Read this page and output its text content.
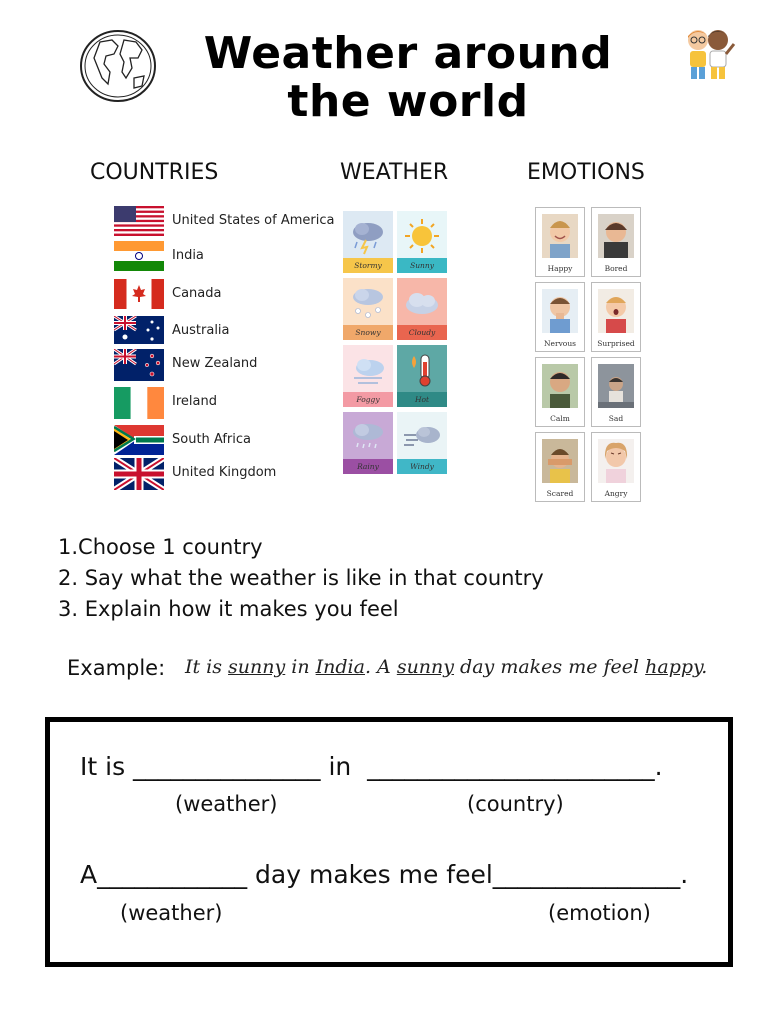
Weather around
the world
COUNTRIES	WEATHER	EMOTIONS
United States of America
India
Canada
Australia
New Zealand
Ireland
South Africa
United Kingdom
Stormy	Sunny
Snowy	Cloudy
Foggy	Hot
Rainy	Windy
Happy	Bored
Nervous	Surprised
Calm	Sad
Scared	Angry
1.Choose 1 country
2. Say what the weather is like in that country
3. Explain how it makes you feel
Example: It is sunny in India. A sunny day makes me feel happy.
It is _______________ in  _______________________.
(weather)	(country)
A____________ day makes me feel_______________.
(weather)	(emotion)
